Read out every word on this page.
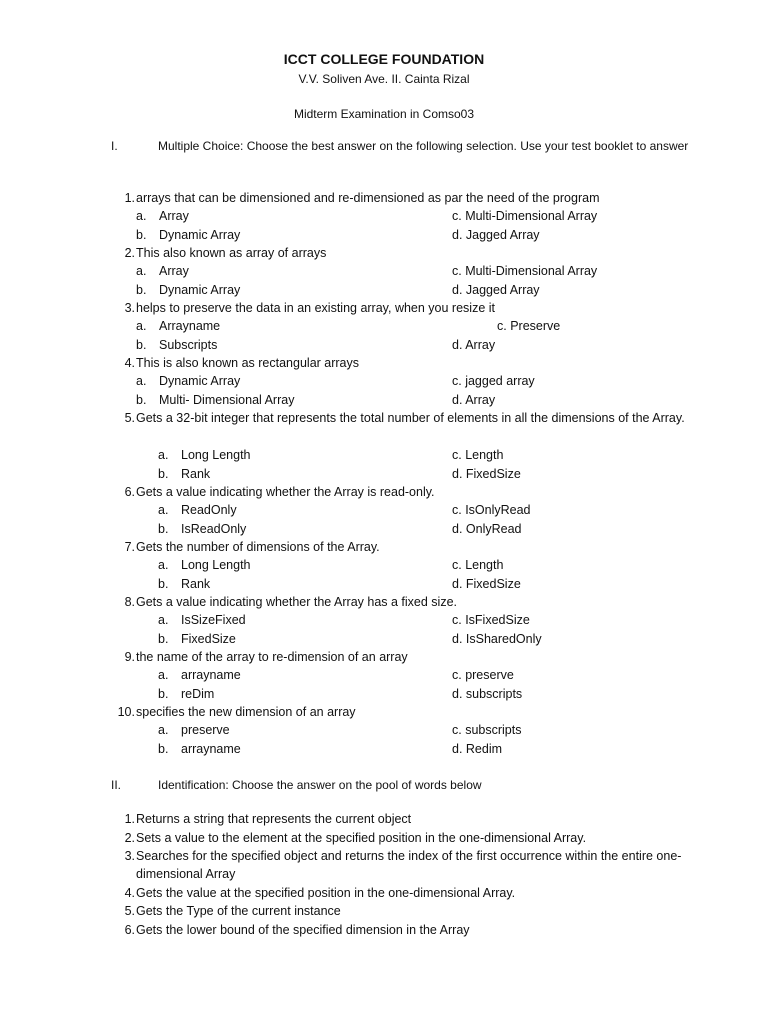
ICCT COLLEGE FOUNDATION
V.V. Soliven Ave. II. Cainta Rizal
Midterm Examination in Comso03
I.	Multiple Choice: Choose the best answer on the following selection. Use your test booklet to answer
1. arrays that can be dimensioned and re-dimensioned as par the need of the program
a. Array	c. Multi-Dimensional Array
b. Dynamic Array	d. Jagged Array
2. This also known as array of arrays
a. Array	c. Multi-Dimensional Array
b. Dynamic Array	d. Jagged Array
3. helps to preserve the data in an existing array, when you resize it
a. Arrayname	c. Preserve
b. Subscripts	d. Array
4. This is also known as rectangular arrays
a. Dynamic Array	c. jagged array
b. Multi- Dimensional Array	d. Array
5. Gets a 32-bit integer that represents the total number of elements in all the dimensions of the Array.
a. Long Length	c. Length
b. Rank	d. FixedSize
6. Gets a value indicating whether the Array is read-only.
a. ReadOnly	c. IsOnlyRead
b. IsReadOnly	d. OnlyRead
7. Gets the number of dimensions of the Array.
a. Long Length	c. Length
b. Rank	d. FixedSize
8. Gets a value indicating whether the Array has a fixed size.
a. IsSizeFixed	c. IsFixedSize
b. FixedSize	d. IsSharedOnly
9. the name of the array to re-dimension of an array
a. arrayname	c. preserve
b. reDim	d. subscripts
10. specifies the new dimension of an array
a. preserve	c. subscripts
b. arrayname	d. Redim
II.	Identification: Choose the answer on the pool of words below
1. Returns a string that represents the current object
2. Sets a value to the element at the specified position in the one-dimensional Array.
3. Searches for the specified object and returns the index of the first occurrence within the entire one-dimensional Array
4. Gets the value at the specified position in the one-dimensional Array.
5. Gets the Type of the current instance
6. Gets the lower bound of the specified dimension in the Array
